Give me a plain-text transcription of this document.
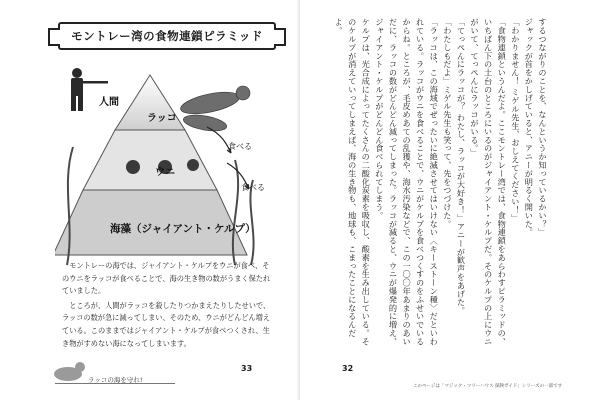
モントレー湾の食物連鎖ピラミッド
人間
ラッコ
ウニ
海藻（ジャイアント・ケルプ）
食べる
食べる

モントレーの海では、ジャイアント・ケルプをウニが食べ、そのウニをラッコが食べることで、海の生き物の数がうまく保たれていました。

ところが、人間がラッコを殺したりつかまえたりしたせいで、ラッコの数が急に減ってしまい、そのため、ウニがどんどん増えている。このままではジャイアント・ケルプが食べつくされ、生き物がすめない海になってしまいます。

33
ラッコの海を守れ!

するつながりのことを、なんというか知っているかい？」

ジャックが首をかしげていると、アニーが明るく開いた。

「わかりません！ ミゲル先生、おしえてください！」

「食物連鎖というんだよ。ここモントレー湾では、食物連鎖をあらわすピラミッドの、いちばん下の土台のところにいるのがジャイアント・ケルプだ。そのケルプの上にウニがいて、てっぺんにラッコがいる。」

「てっぺんにラッコが？ わたし、ラッコが大好き！」アニーが歓声をあげた。

「わたしもだよ」ミゲル先生も笑って、先をつづけた。

「ラッコは、この海域でぜったいに絶滅させてはいけない〈キーストーン種〉だといわれている。ラッコがウニを食べることで、ウニがケルプを食べつくすのをふせいでいるからね。ところが、毛皮めあての乱獲や、海水汚染などで、この一〇〇年あまりのあいだに、ラッコの数がどんどん減ってしまった。ラッコが減ると、ウニが爆発的に増え、ジャイアント・ケルプがどんどん食べられてしまう。

ケルプは、光合成によってたくさんの二酸化炭素を吸収し、酸素を生み出している。そのケルプが消えていってしまえば、海の生き物も、地球も、こまったことになるんだよ。

32
このページは「マジック・ツリーハウス 探険ガイド」シリーズの一部です
